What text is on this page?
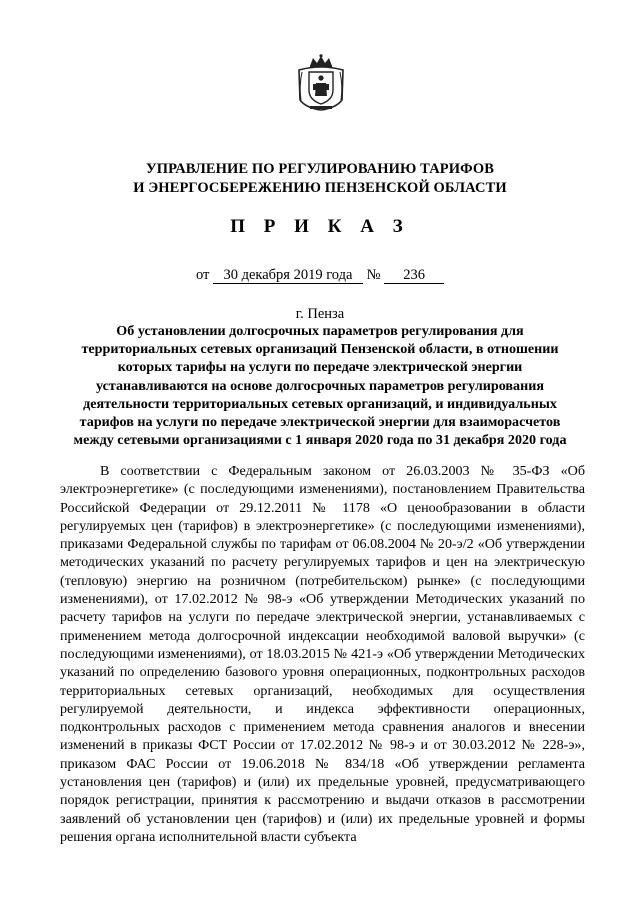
УПРАВЛЕНИЕ ПО РЕГУЛИРОВАНИЮ ТАРИФОВ
И ЭНЕРГОСБЕРЕЖЕНИЮ ПЕНЗЕНСКОЙ ОБЛАСТИ
П Р И К А З
от 30 декабря 2019 года № 236
г. Пенза
Об установлении долгосрочных параметров регулирования для территориальных сетевых организаций Пензенской области, в отношении которых тарифы на услуги по передаче электрической энергии устанавливаются на основе долгосрочных параметров регулирования деятельности территориальных сетевых организаций, и индивидуальных тарифов на услуги по передаче электрической энергии для взаиморасчетов между сетевыми организациями с 1 января 2020 года по 31 декабря 2020 года
В соответствии с Федеральным законом от 26.03.2003 № 35-ФЗ «Об электроэнергетике» (с последующими изменениями), постановлением Правительства Российской Федерации от 29.12.2011 № 1178 «О ценообразовании в области регулируемых цен (тарифов) в электроэнергетике» (с последующими изменениями), приказами Федеральной службы по тарифам от 06.08.2004 № 20-э/2 «Об утверждении методических указаний по расчету регулируемых тарифов и цен на электрическую (тепловую) энергию на розничном (потребительском) рынке» (с последующими изменениями), от 17.02.2012 № 98-э «Об утверждении Методических указаний по расчету тарифов на услуги по передаче электрической энергии, устанавливаемых с применением метода долгосрочной индексации необходимой валовой выручки» (с последующими изменениями), от 18.03.2015 № 421-э «Об утверждении Методических указаний по определению базового уровня операционных, подконтрольных расходов территориальных сетевых организаций, необходимых для осуществления регулируемой деятельности, и индекса эффективности операционных, подконтрольных расходов с применением метода сравнения аналогов и внесении изменений в приказы ФСТ России от 17.02.2012 № 98-э и от 30.03.2012 № 228-э», приказом ФАС России от 19.06.2018 № 834/18 «Об утверждении регламента установления цен (тарифов) и (или) их предельные уровней, предусматривающего порядок регистрации, принятия к рассмотрению и выдачи отказов в рассмотрении заявлений об установлении цен (тарифов) и (или) их предельные уровней и формы решения органа исполнительной власти субъекта
